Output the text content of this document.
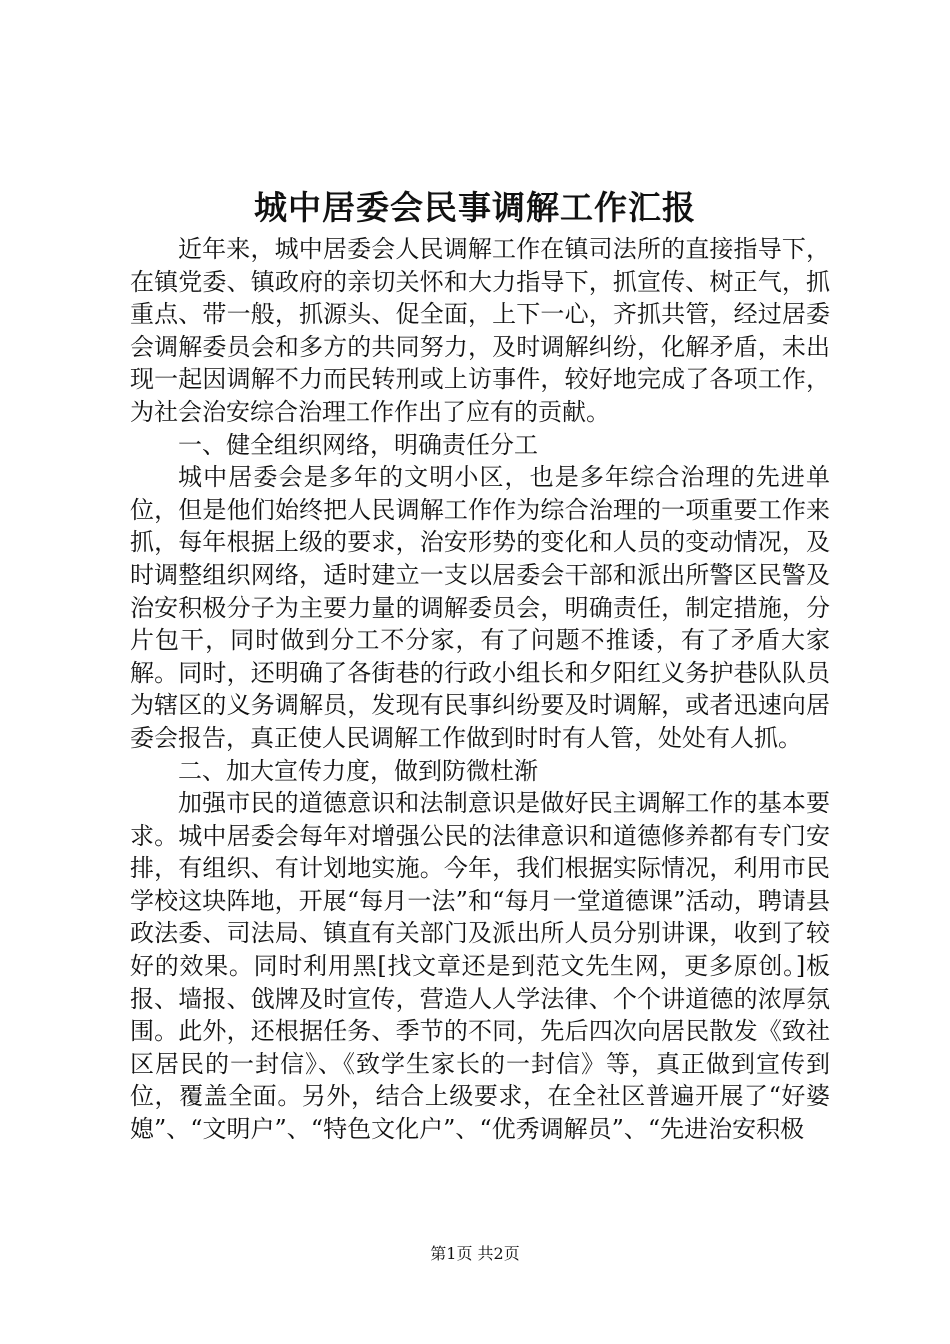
城中居委会民事调解工作汇报

近年来，城中居委会人民调解工作在镇司法所的直接指导下，在镇党委、镇政府的亲切关怀和大力指导下，抓宣传、树正气，抓重点、带一般，抓源头、促全面，上下一心，齐抓共管，经过居委会调解委员会和多方的共同努力，及时调解纠纷，化解矛盾，未出现一起因调解不力而民转刑或上访事件，较好地完成了各项工作，为社会治安综合治理工作作出了应有的贡献。

一、健全组织网络，明确责任分工

城中居委会是多年的文明小区，也是多年综合治理的先进单位，但是他们始终把人民调解工作作为综合治理的一项重要工作来抓，每年根据上级的要求，治安形势的变化和人员的变动情况，及时调整组织网络，适时建立一支以居委会干部和派出所警区民警及治安积极分子为主要力量的调解委员会，明确责任，制定措施，分片包干，同时做到分工不分家，有了问题不推诿，有了矛盾大家解。同时，还明确了各街巷的行政小组长和夕阳红义务护巷队队员为辖区的义务调解员，发现有民事纠纷要及时调解，或者迅速向居委会报告，真正使人民调解工作做到时时有人管，处处有人抓。

二、加大宣传力度，做到防微杜渐

加强市民的道德意识和法制意识是做好民主调解工作的基本要求。城中居委会每年对增强公民的法律意识和道德修养都有专门安排，有组织、有计划地实施。今年，我们根据实际情况，利用市民学校这块阵地，开展“每月一法”和“每月一堂道德课”活动，聘请县政法委、司法局、镇直有关部门及派出所人员分别讲课，收到了较好的效果。同时利用黑[找文章还是到范文先生网，更多原创。]板报、墙报、戗牌及时宣传，营造人人学法律、个个讲道德的浓厚氛围。此外，还根据任务、季节的不同，先后四次向居民散发《致社区居民的一封信》、《致学生家长的一封信》等，真正做到宣传到位，覆盖全面。另外，结合上级要求，在全社区普遍开展了“好婆媳”、“文明户”、“特色文化户”、“优秀调解员”、“先进治安积极

第1页 共2页
